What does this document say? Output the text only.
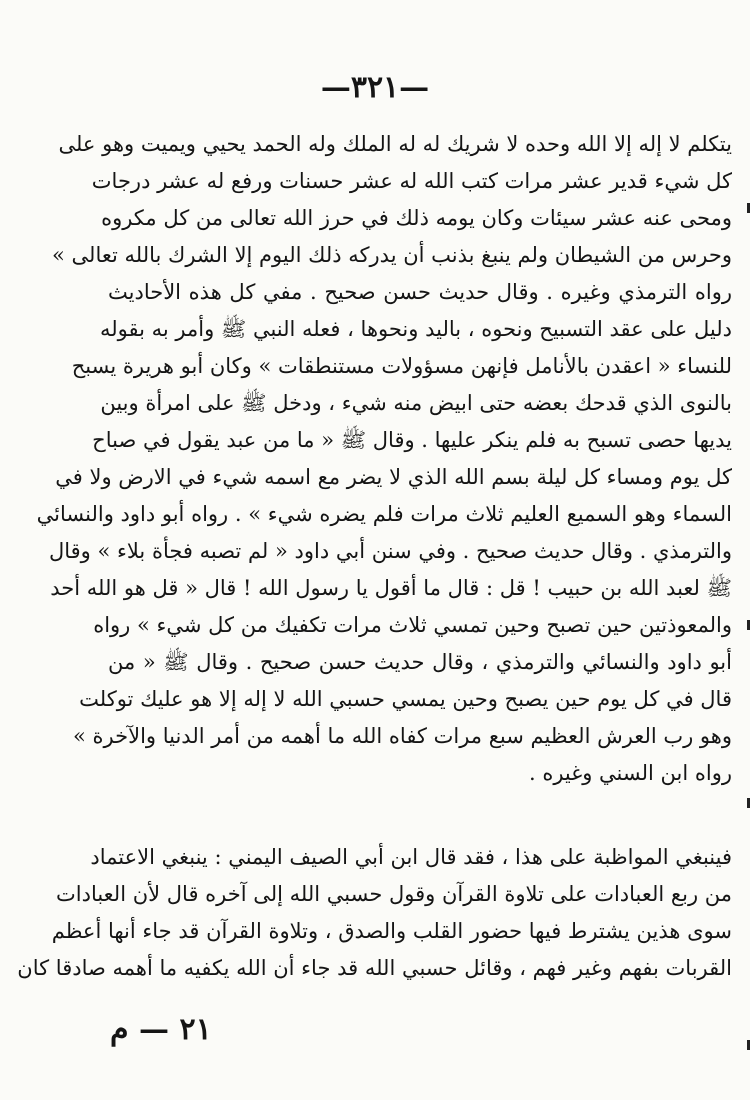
—٣٢١—

يتكلم لا إله إلا الله وحده لا شريك له له الملك وله الحمد يحيي ويميت وهو على
كل شيء قدير عشر مرات كتب الله له عشر حسنات ورفع له عشر درجات
ومحى عنه عشر سيئات وكان يومه ذلك في حرز الله تعالى من كل مكروه
وحرس من الشيطان ولم ينبغ بذنب أن يدركه ذلك اليوم إلا الشرك بالله تعالى »
رواه الترمذي وغيره . وقال حديث حسن صحيح . مفي كل هذه الأحاديث
دليل على عقد التسبيح ونحوه ، باليد ونحوها ، فعله النبي ﷺ وأمر به بقوله
للنساء « اعقدن بالأنامل فإنهن مسؤولات مستنطقات » وكان أبو هريرة يسبح
بالنوى الذي قدحك بعضه حتى ابيض منه شيء ، ودخل ﷺ على امرأة وبين
يديها حصى تسبح به فلم ينكر عليها . وقال ﷺ « ما من عبد يقول في صباح
كل يوم ومساء كل ليلة بسم الله الذي لا يضر مع اسمه شيء في الارض ولا في
السماء وهو السميع العليم ثلاث مرات فلم يضره شيء » . رواه أبو داود والنسائي
والترمذي . وقال حديث صحيح . وفي سنن أبي داود « لم تصبه فجأة بلاء » وقال
ﷺ لعبد الله بن حبيب ! قل : قال ما أقول يا رسول الله ! قال « قل هو الله أحد
والمعوذتين حين تصبح وحين تمسي ثلاث مرات تكفيك من كل شيء » رواه
أبو داود والنسائي والترمذي ، وقال حديث حسن صحيح . وقال ﷺ « من
قال في كل يوم حين يصبح وحين يمسي حسبي الله لا إله إلا هو عليك توكلت
وهو رب العرش العظيم سبع مرات كفاه الله ما أهمه من أمر الدنيا والآخرة »
رواه ابن السني وغيره .

فينبغي المواظبة على هذا ، فقد قال ابن أبي الصيف اليمني : ينبغي الاعتماد
من ربع العبادات على تلاوة القرآن وقول حسبي الله إلى آخره قال لأن العبادات
سوى هذين يشترط فيها حضور القلب والصدق ، وتلاوة القرآن قد جاء أنها أعظم
القربات بفهم وغير فهم ، وقائل حسبي الله قد جاء أن الله يكفيه ما أهمه صادقا كان

٢١ — م
